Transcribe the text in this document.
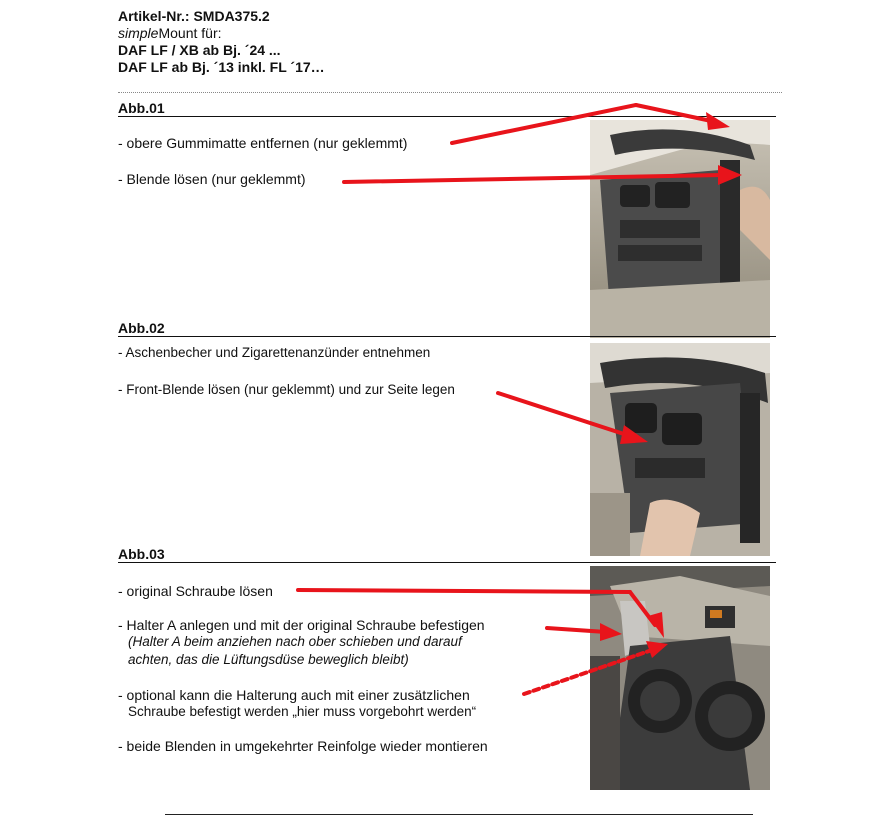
Artikel-Nr.: SMDA375.2
simpleMount für:
DAF LF / XB ab Bj. ´24 ...
DAF LF ab Bj. ´13 inkl. FL ´17…
Abb.01
- obere Gummimatte entfernen (nur geklemmt)
- Blende lösen (nur geklemmt)
Abb.02
- Aschenbecher und Zigarettenanzünder entnehmen
- Front-Blende lösen (nur geklemmt) und zur Seite legen
Abb.03
- original Schraube lösen
- Halter A anlegen und mit der original Schraube befestigen
(Halter A beim anziehen nach ober schieben und darauf
achten, das die Lüftungsdüse beweglich bleibt)
- optional kann die Halterung auch mit einer zusätzlichen
Schraube befestigt werden „hier muss vorgebohrt werden“
- beide Blenden in umgekehrter Reinfolge wieder montieren
